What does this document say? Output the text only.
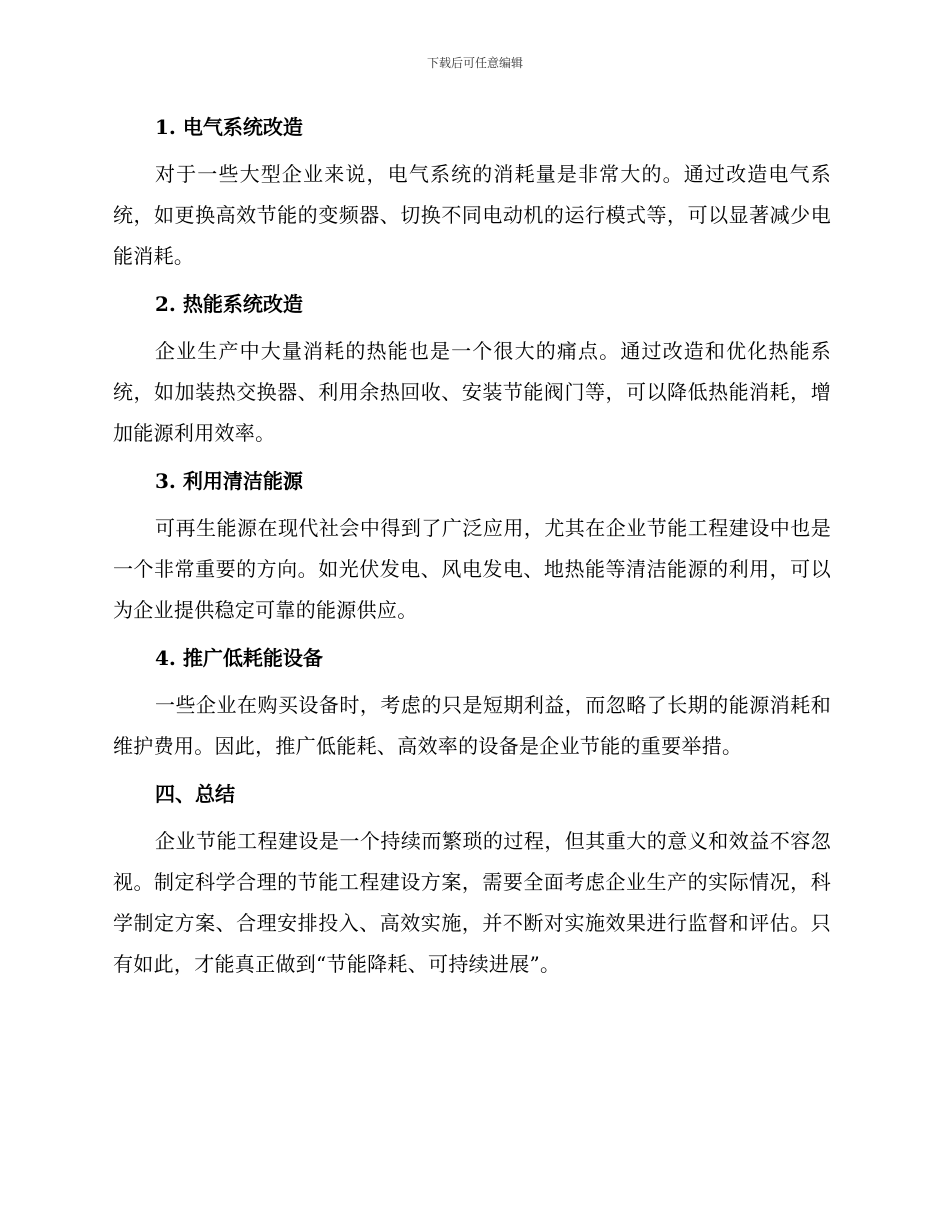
下载后可任意编辑
1. 电气系统改造

对于一些大型企业来说，电气系统的消耗量是非常大的。通过改造电气系统，如更换高效节能的变频器、切换不同电动机的运行模式等，可以显著减少电能消耗。

2. 热能系统改造

企业生产中大量消耗的热能也是一个很大的痛点。通过改造和优化热能系统，如加装热交换器、利用余热回收、安装节能阀门等，可以降低热能消耗，增加能源利用效率。

3. 利用清洁能源

可再生能源在现代社会中得到了广泛应用，尤其在企业节能工程建设中也是一个非常重要的方向。如光伏发电、风电发电、地热能等清洁能源的利用，可以为企业提供稳定可靠的能源供应。

4. 推广低耗能设备

一些企业在购买设备时，考虑的只是短期利益，而忽略了长期的能源消耗和维护费用。因此，推广低能耗、高效率的设备是企业节能的重要举措。

四、总结

企业节能工程建设是一个持续而繁琐的过程，但其重大的意义和效益不容忽视。制定科学合理的节能工程建设方案，需要全面考虑企业生产的实际情况，科学制定方案、合理安排投入、高效实施，并不断对实施效果进行监督和评估。只有如此，才能真正做到“节能降耗、可持续进展”。
